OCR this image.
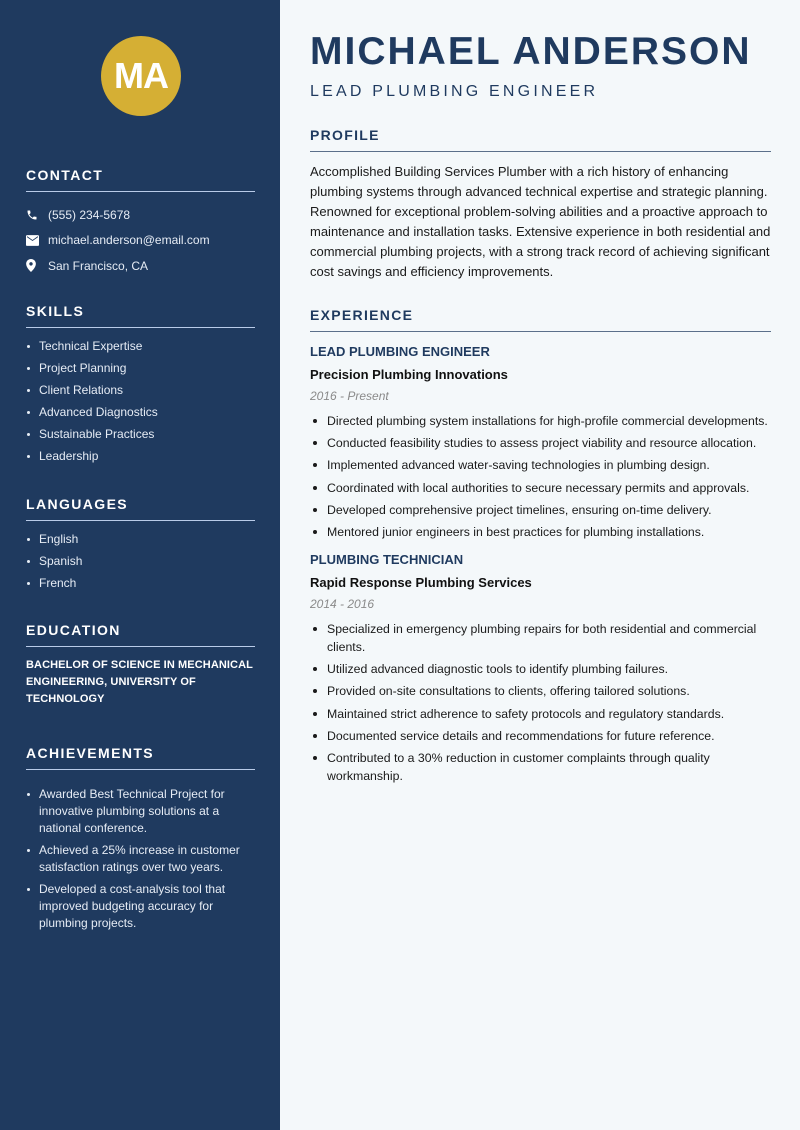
MA
CONTACT
(555) 234-5678
michael.anderson@email.com
San Francisco, CA
SKILLS
Technical Expertise
Project Planning
Client Relations
Advanced Diagnostics
Sustainable Practices
Leadership
LANGUAGES
English
Spanish
French
EDUCATION

BACHELOR OF SCIENCE IN MECHANICAL ENGINEERING, UNIVERSITY OF TECHNOLOGY

ACHIEVEMENTS
Awarded Best Technical Project for innovative plumbing solutions at a national conference.
Achieved a 25% increase in customer satisfaction ratings over two years.
Developed a cost-analysis tool that improved budgeting accuracy for plumbing projects.
MICHAEL ANDERSON
LEAD PLUMBING ENGINEER
PROFILE

Accomplished Building Services Plumber with a rich history of enhancing plumbing systems through advanced technical expertise and strategic planning. Renowned for exceptional problem-solving abilities and a proactive approach to maintenance and installation tasks. Extensive experience in both residential and commercial plumbing projects, with a strong track record of achieving significant cost savings and efficiency improvements.

EXPERIENCE
LEAD PLUMBING ENGINEER
Precision Plumbing Innovations
2016 - Present
Directed plumbing system installations for high-profile commercial developments.
Conducted feasibility studies to assess project viability and resource allocation.
Implemented advanced water-saving technologies in plumbing design.
Coordinated with local authorities to secure necessary permits and approvals.
Developed comprehensive project timelines, ensuring on-time delivery.
Mentored junior engineers in best practices for plumbing installations.
PLUMBING TECHNICIAN
Rapid Response Plumbing Services
2014 - 2016
Specialized in emergency plumbing repairs for both residential and commercial clients.
Utilized advanced diagnostic tools to identify plumbing failures.
Provided on-site consultations to clients, offering tailored solutions.
Maintained strict adherence to safety protocols and regulatory standards.
Documented service details and recommendations for future reference.
Contributed to a 30% reduction in customer complaints through quality workmanship.
